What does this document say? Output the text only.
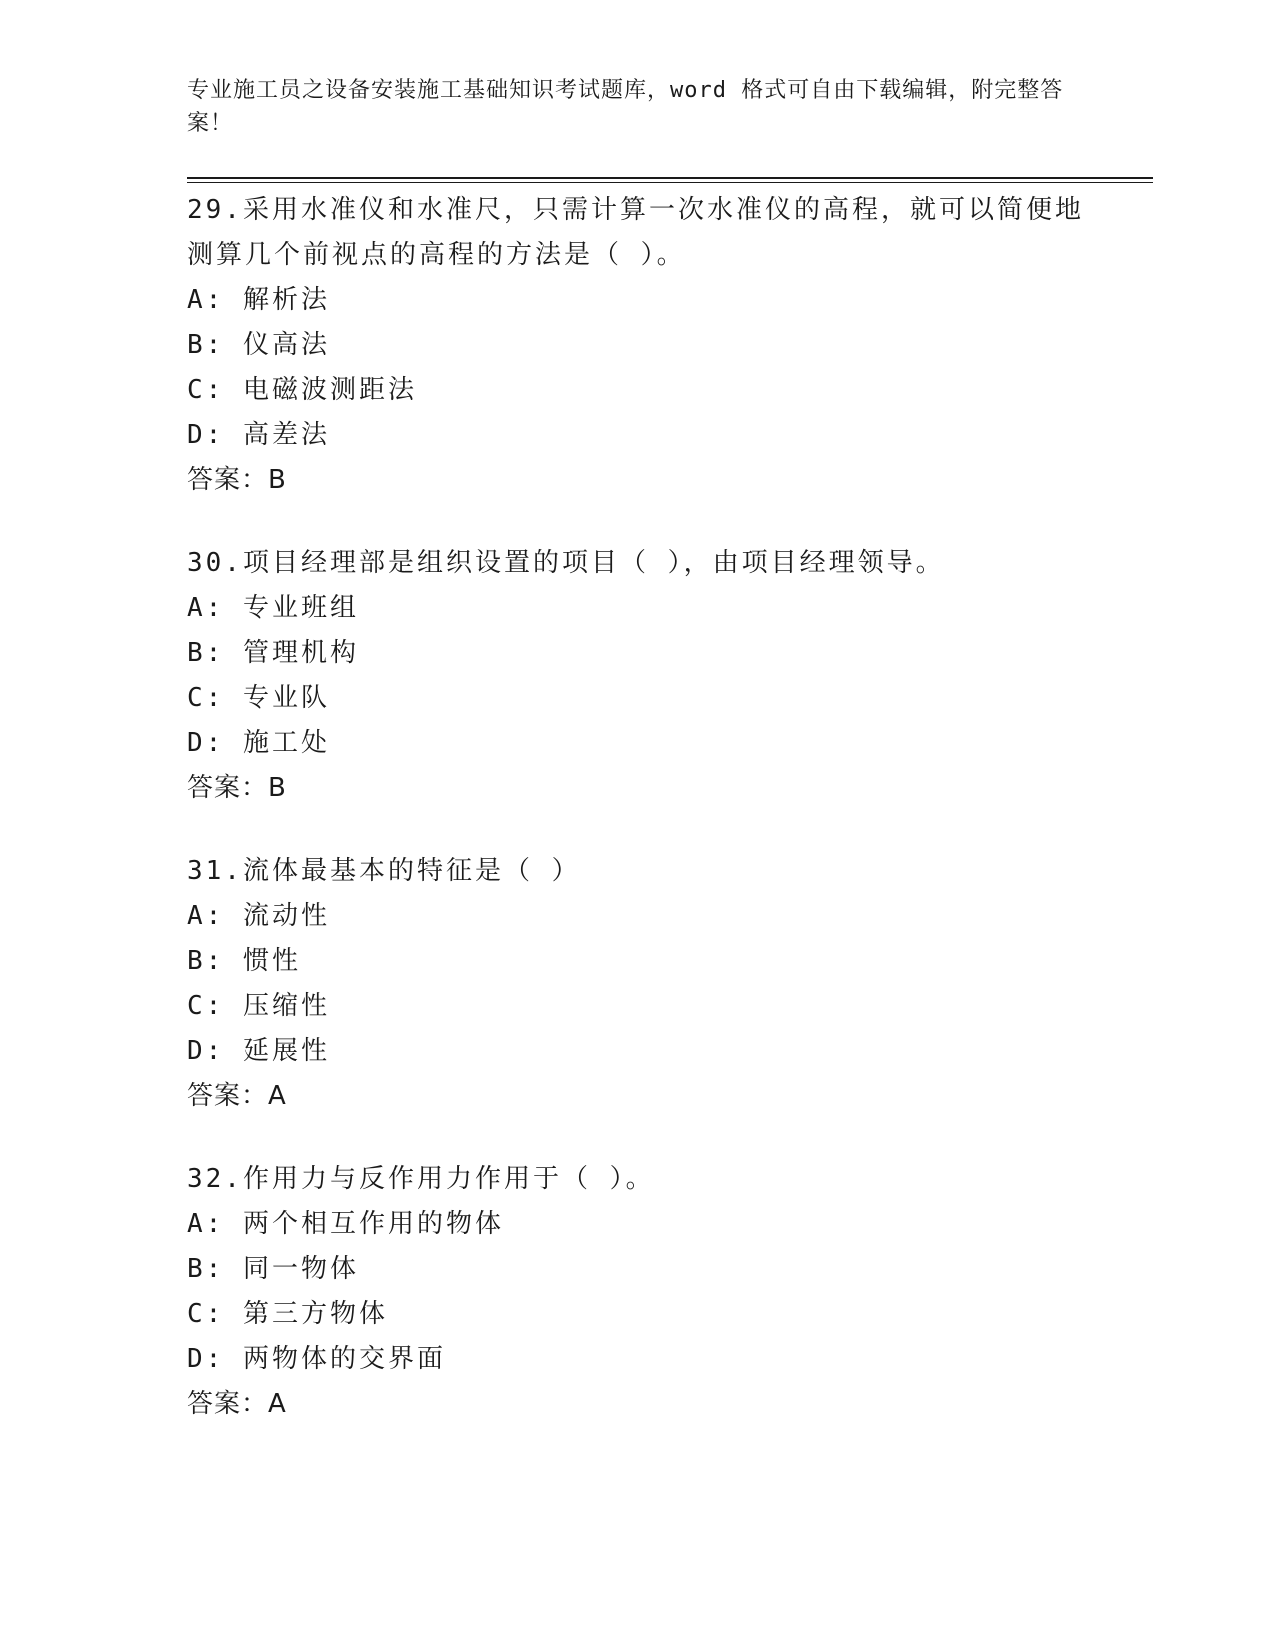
专业施工员之设备安装施工基础知识考试题库，word 格式可自由下载编辑，附完整答案！

29.采用水准仪和水准尺，只需计算一次水准仪的高程，就可以简便地测算几个前视点的高程的方法是（ ）。

A: 解析法

B: 仪高法

C: 电磁波测距法

D: 高差法

答案：B

30.项目经理部是组织设置的项目（ ），由项目经理领导。

A: 专业班组

B: 管理机构

C: 专业队

D: 施工处

答案：B

31.流体最基本的特征是（ ）

A: 流动性

B: 惯性

C: 压缩性

D: 延展性

答案：A

32.作用力与反作用力作用于（ ）。

A: 两个相互作用的物体

B: 同一物体

C: 第三方物体

D: 两物体的交界面

答案：A
